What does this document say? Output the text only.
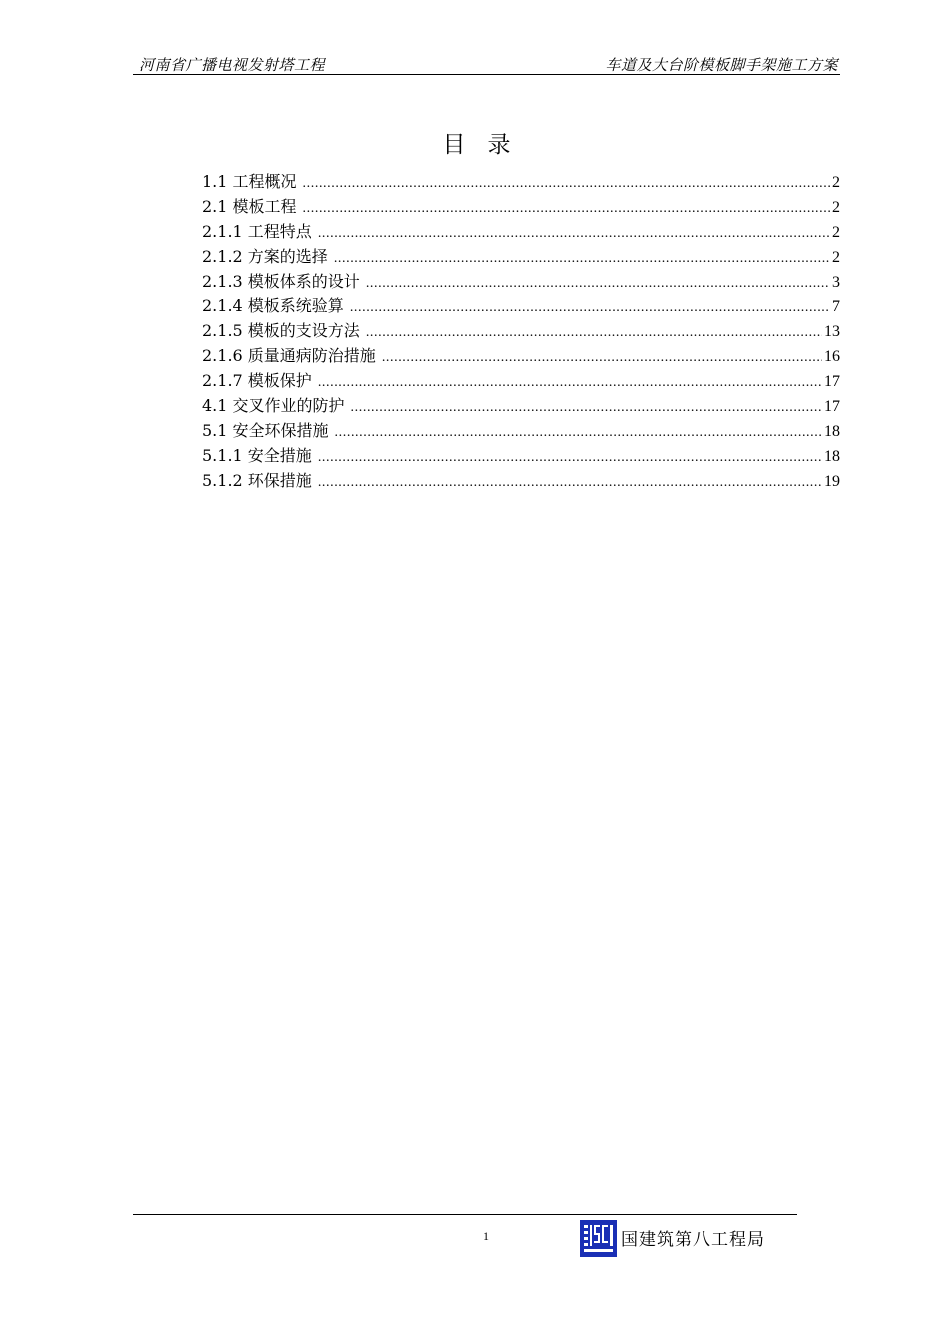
河南省广播电视发射塔工程	车道及大台阶模板脚手架施工方案
目录
1.1 工程概况 .....	2
2.1 模板工程 .....	2
2.1.1 工程特点 .....	2
2.1.2 方案的选择 .....	2
2.1.3 模板体系的设计 .....	3
2.1.4 模板系统验算 .....	7
2.1.5 模板的支设方法 .....	13
2.1.6 质量通病防治措施 .....	16
2.1.7 模板保护 .....	17
4.1 交叉作业的防护 .....	17
5.1 安全环保措施 .....	18
5.1.1 安全措施 .....	18
5.1.2 环保措施 .....	19
1	国建筑第八工程局
